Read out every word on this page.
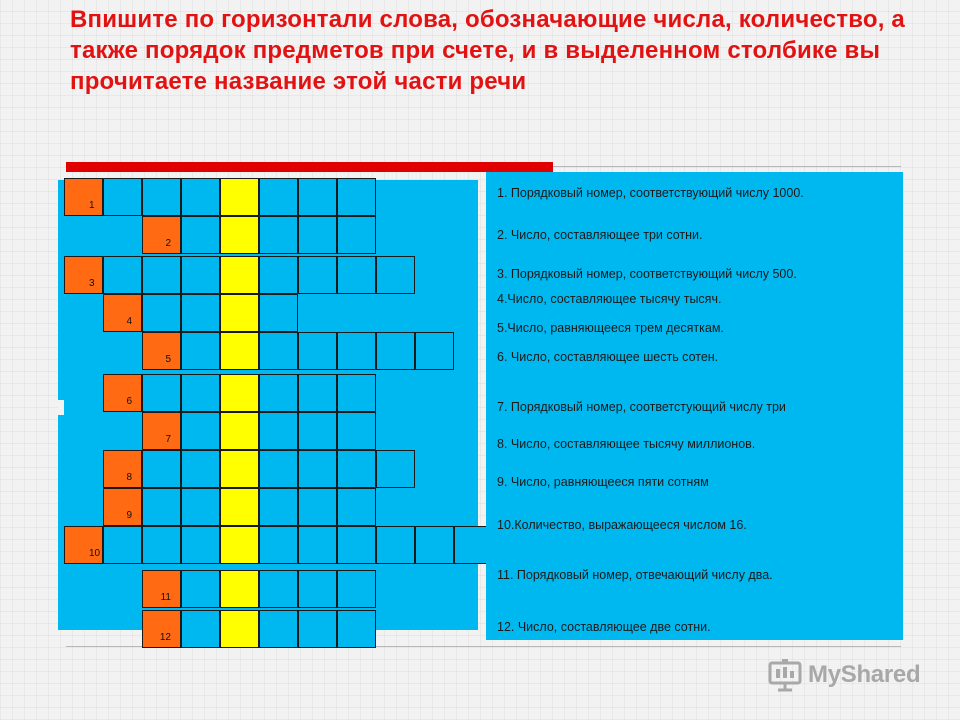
Впишите по горизонтали слова, обозначающие числа, количество, а также порядок предметов при счете, и в выделенном столбике вы прочитаете название этой части речи
1
2
3
4
5
6
7
8
9
10
11
12
1. Порядковый номер, соответствующий числу 1000.
2. Число, составляющее три сотни.
3. Порядковый номер, соответствующий числу 500.
4.Число, составляющее тысячу тысяч.
5.Число, равняющееся трем десяткам.
6. Число, составляющее шесть сотен.
7. Порядковый номер, соответстующий числу три
8. Число, составляющее тысячу миллионов.
9. Число, равняющееся пяти сотням
10.Количество, выражающееся числом 16.
11. Порядковый номер, отвечающий числу два.
12. Число, составляющее две сотни.
MyShared
